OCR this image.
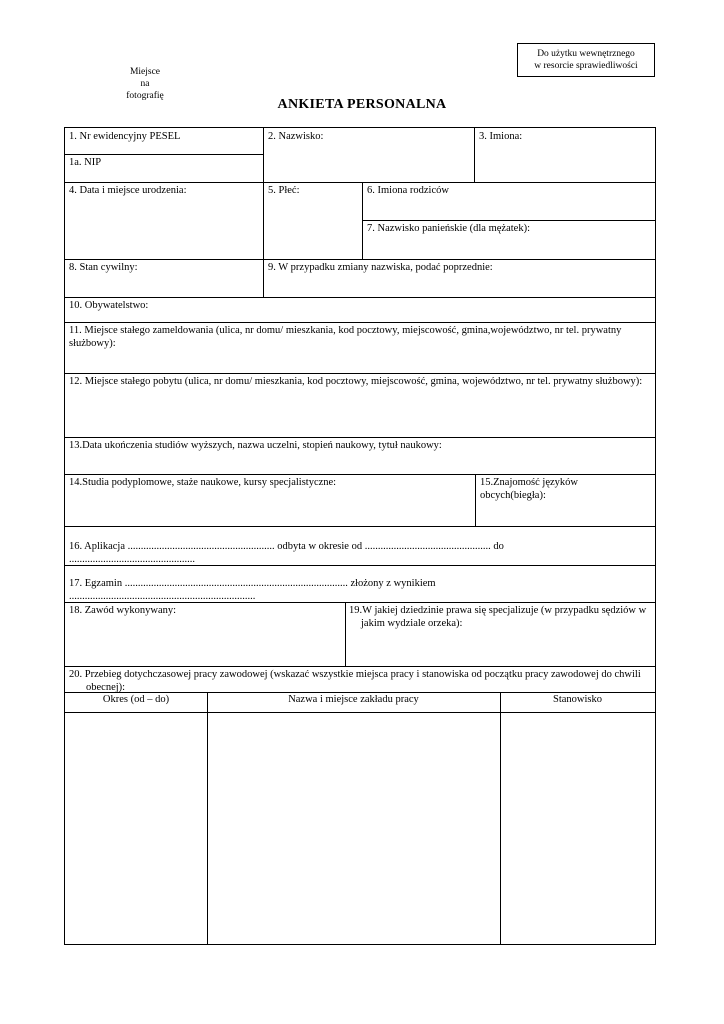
Do użytku wewnętrznego
w resorcie sprawiedliwości
Miejsce
na
fotografię
ANKIETA PERSONALNA
1. Nr ewidencyjny PESEL
1a. NIP
2. Nazwisko:	3. Imiona:
4. Data i miejsce urodzenia:	5. Płeć:	6. Imiona rodziców
7. Nazwisko panieńskie (dla mężatek):
8. Stan cywilny:	9. W przypadku zmiany nazwiska, podać poprzednie:
10. Obywatelstwo:
11. Miejsce stałego zameldowania (ulica, nr domu/ mieszkania, kod pocztowy, miejscowość, gmina,województwo, nr tel. prywatny służbowy):
12. Miejsce stałego pobytu (ulica, nr domu/ mieszkania, kod pocztowy, miejscowość, gmina, województwo, nr tel. prywatny służbowy):
13.Data ukończenia studiów wyższych, nazwa uczelni, stopień naukowy, tytuł naukowy:
14.Studia podyplomowe, staże naukowe, kursy specjalistyczne:	15.Znajomość języków obcych(biegła):
16. Aplikacja ........................................................ odbyta w okresie od ................................................ do
................................................
17. Egzamin ..................................................................................... złożony z wynikiem
.......................................................................
18. Zawód wykonywany:	19.W jakiej dziedzinie prawa się specjalizuje (w przypadku sędziów w jakim wydziale orzeka):
20. Przebieg dotychczasowej pracy zawodowej (wskazać wszystkie miejsca pracy i stanowiska od początku pracy zawodowej do chwili obecnej):
Okres (od – do)	Nazwa i miejsce zakładu pracy	Stanowisko
